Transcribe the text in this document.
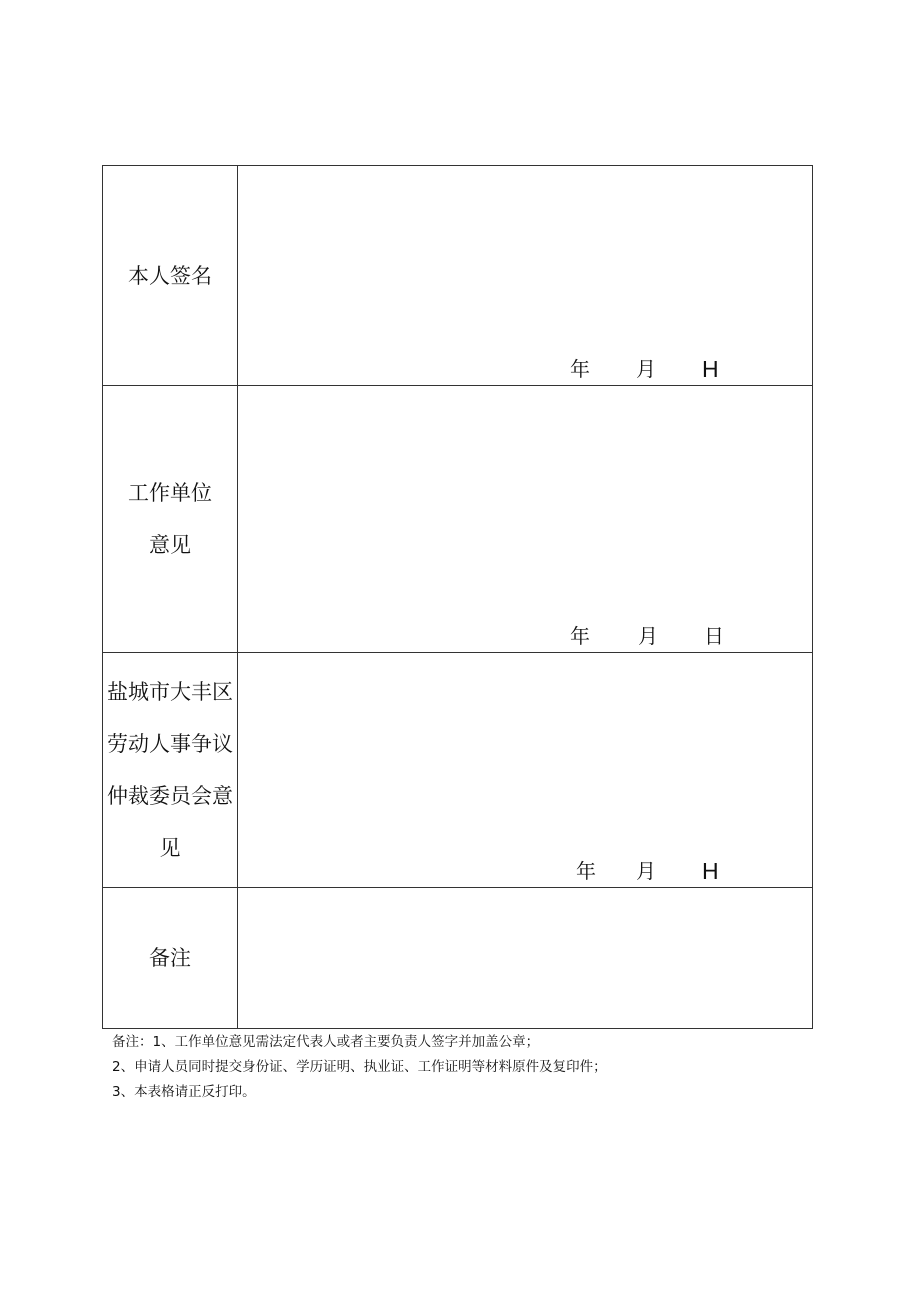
本人签名	年 月 H

工作单位
意见	年 月 日

盐城市大丰区
劳动人事争议
仲裁委员会意
见	年 月 H

备注	

备注：1、工作单位意见需法定代表人或者主要负责人签字并加盖公章；
2、申请人员同时提交身份证、学历证明、执业证、工作证明等材料原件及复印件；
3、本表格请正反打印。
